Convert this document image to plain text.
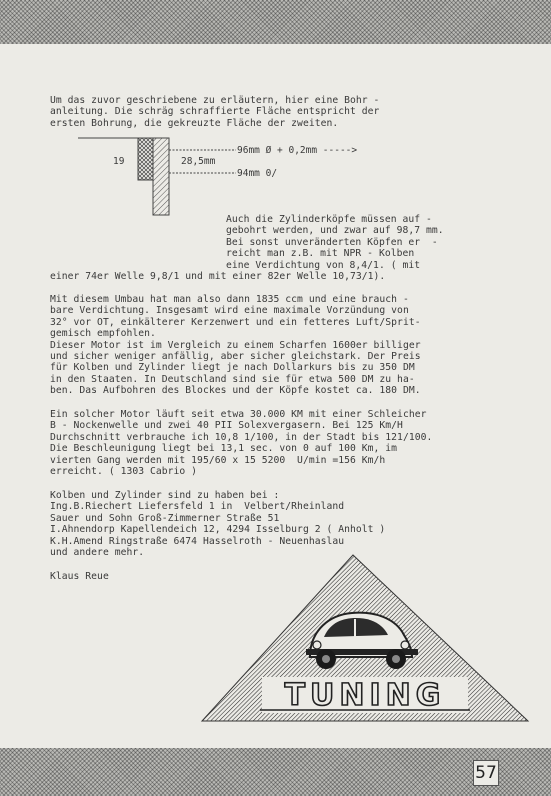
Um das zuvor geschriebene zu erläutern, hier eine Bohr -
anleitung. Die schräg schraffierte Fläche entspricht der
ersten Bohrung, die gekreuzte Fläche der zweiten.
96mm Ø + 0,2mm ----->
94mm 0/
19	28,5mm
Auch die Zylinderköpfe müssen auf -
gebohrt werden, und zwar auf 98,7 mm.
Bei sonst unveränderten Köpfen er  -
reicht man z.B. mit NPR - Kolben
eine Verdichtung von 8,4/1. ( mit
einer 74er Welle 9,8/1 und mit einer 82er Welle 10,73/1).
Mit diesem Umbau hat man also dann 1835 ccm und eine brauch -
bare Verdichtung. Insgesamt wird eine maximale Vorzündung von
32° vor OT, einkälterer Kerzenwert und ein fetteres Luft/Sprit-
gemisch empfohlen.
Dieser Motor ist im Vergleich zu einem Scharfen 1600er billiger
und sicher weniger anfällig, aber sicher gleichstark. Der Preis
für Kolben und Zylinder liegt je nach Dollarkurs bis zu 350 DM
in den Staaten. In Deutschland sind sie für etwa 500 DM zu ha-
ben. Das Aufbohren des Blockes und der Köpfe kostet ca. 180 DM.
Ein solcher Motor läuft seit etwa 30.000 KM mit einer Schleicher
B - Nockenwelle und zwei 40 PII Solexvergasern. Bei 125 Km/H
Durchschnitt verbrauche ich 10,8 1/100, in der Stadt bis 121/100.
Die Beschleunigung liegt bei 13,1 sec. von 0 auf 100 Km, im
vierten Gang werden mit 195/60 x 15 5200  U/min =156 Km/h
erreicht. ( 1303 Cabrio )
Kolben und Zylinder sind zu haben bei :
Ing.B.Riechert Liefersfeld 1 in  Velbert/Rheinland
Sauer und Sohn Groß-Zimmerner Straße 51
I.Ahnendorp Kapellendeich 12, 4294 Isselburg 2 ( Anholt )
K.H.Amend Ringstraße 6474 Hasselroth - Neuenhaslau
und andere mehr.
Klaus Reue
TUNING
57
